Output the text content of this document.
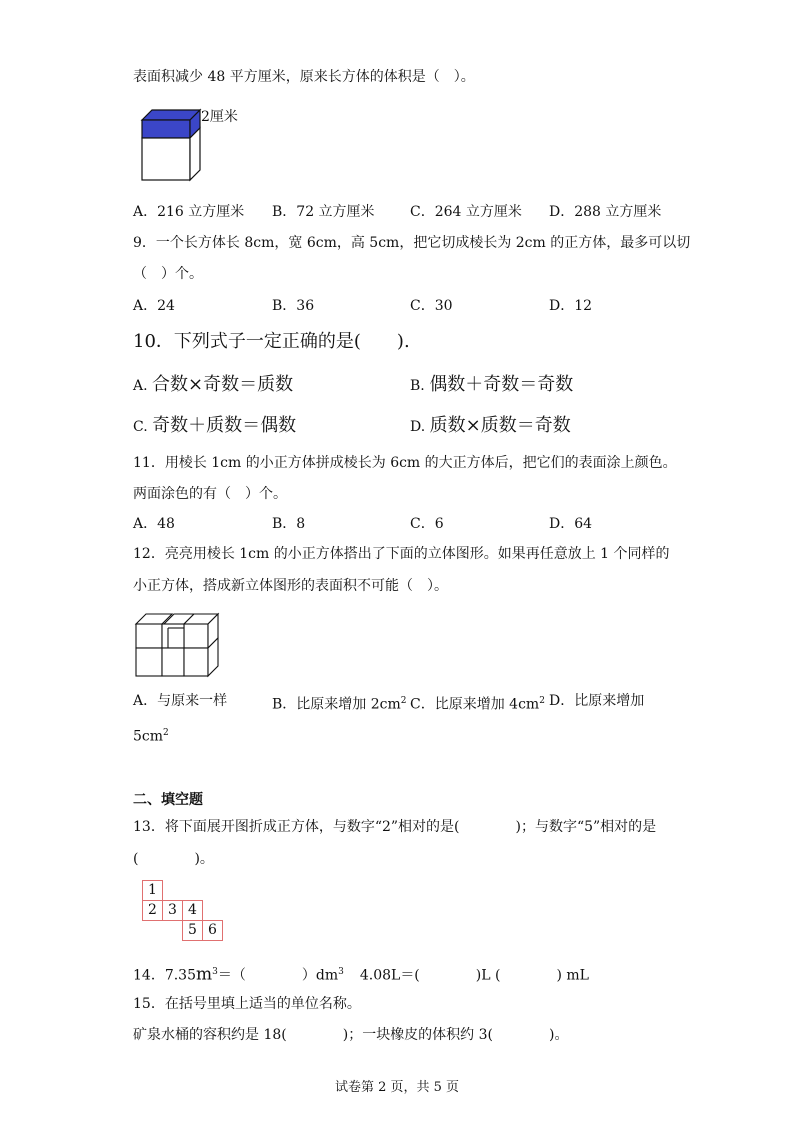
表面积减少 48 平方厘米，原来长方体的体积是（　）。
2厘米
A．216 立方厘米 B．72 立方厘米	C．264 立方厘米 D．288 立方厘米
9．一个长方体长 8cm，宽 6cm，高 5cm，把它切成棱长为 2cm 的正方体，最多可以切
（　）个。
A．24	B．36	C．30	D．12
10．下列式子一定正确的是(　　).
A. 合数×奇数＝质数	B. 偶数＋奇数＝奇数
C. 奇数＋质数＝偶数	D. 质数×质数＝奇数
11．用棱长 1cm 的小正方体拼成棱长为 6cm 的大正方体后，把它们的表面涂上颜色。
两面涂色的有（　）个。
A．48	B．8	C．6	D．64
12．亮亮用棱长 1cm 的小正方体搭出了下面的立体图形。如果再任意放上 1 个同样的
小正方体，搭成新立体图形的表面积不可能（　）。
A．与原来一样	B．比原来增加 $2cm^2$ C．比原来增加 $4cm^2$ D．比原来增加
$5cm^2$
二、填空题
13．将下面展开图折成正方体，与数字“2”相对的是(　　　　)；与数字“5”相对的是
(　　　　)。
1
2 3 4
5 6
14．$7.35m^3=$（　　　　）$dm^3$ 4.08L＝(　　　　)L (　　　　) mL
15．在括号里填上适当的单位名称。
矿泉水桶的容积约是 18(　　　　)；一块橡皮的体积约 3(　　　　)。
试卷第 2 页，共 5 页
